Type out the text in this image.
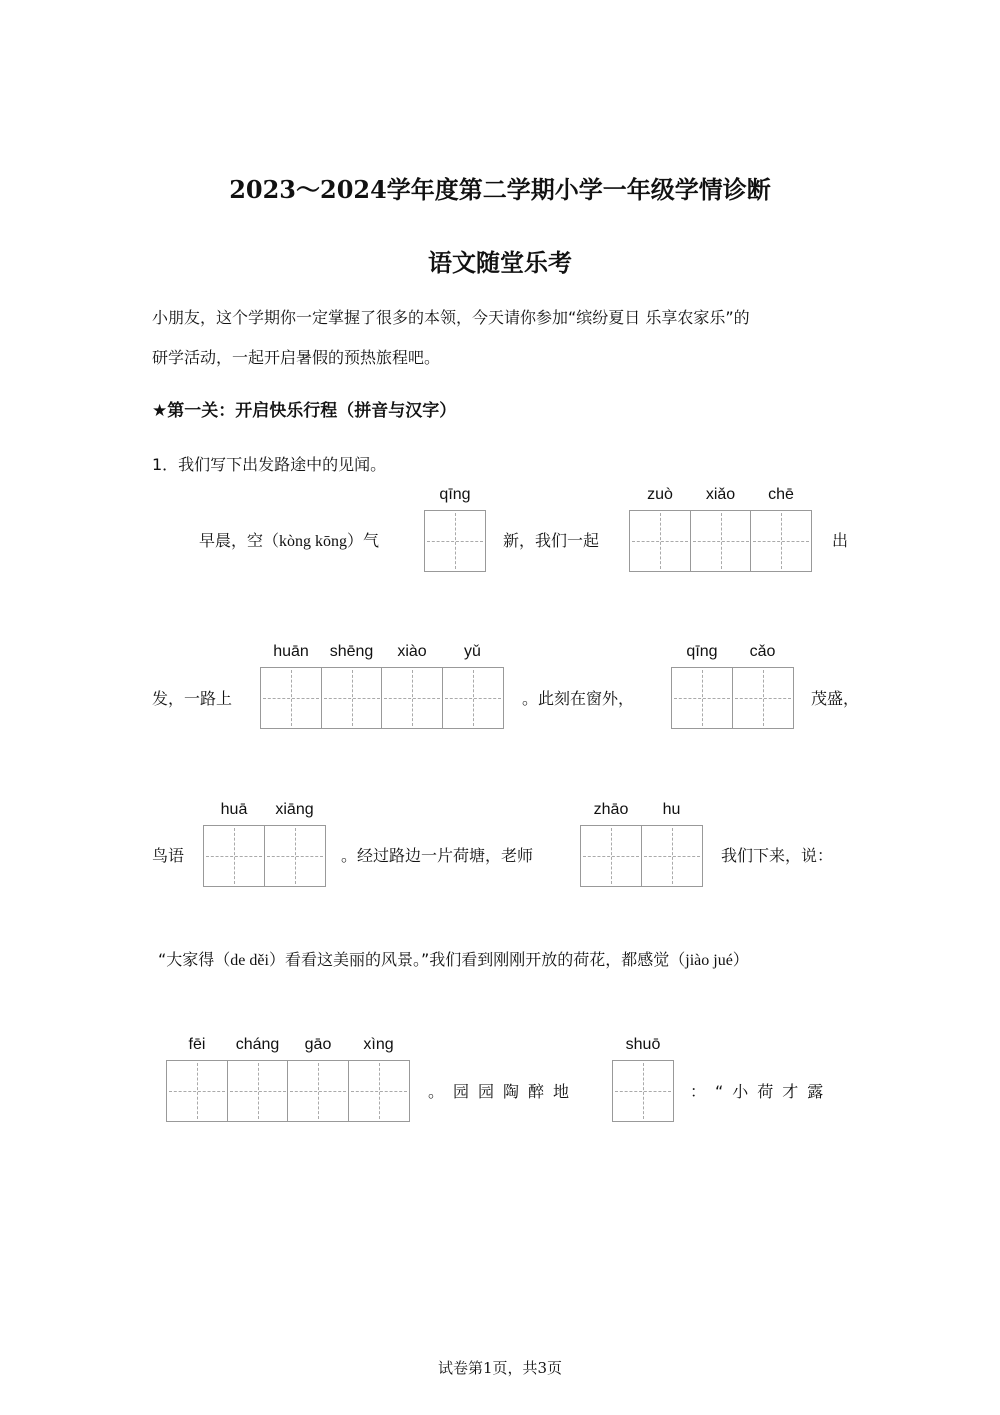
2023～2024学年度第二学期小学一年级学情诊断
语文随堂乐考
小朋友，这个学期你一定掌握了很多的本领，今天请你参加“缤纷夏日 乐享农家乐”的
研学活动，一起开启暑假的预热旅程吧。
★第一关：开启快乐行程（拼音与汉字）
1．我们写下出发路途中的见闻。
早晨，空（kòng kōng）气
qīng
新，我们一起
zuò	xiǎo	chē
出
发，一路上
huān	shēng	xiào	yǔ
。此刻在窗外，
qīng	cǎo
茂盛，
鸟语
huā	xiāng
。经过路边一片荷塘，老师
zhāo	hu
我们下来，说：
“大家得（de děi）看看这美丽的风景。”我们看到刚刚开放的荷花，都感觉（jiào jué）
fēi	cháng	gāo	xìng
。园园陶醉地
shuō
：“小荷才露
试卷第1页，共3页
